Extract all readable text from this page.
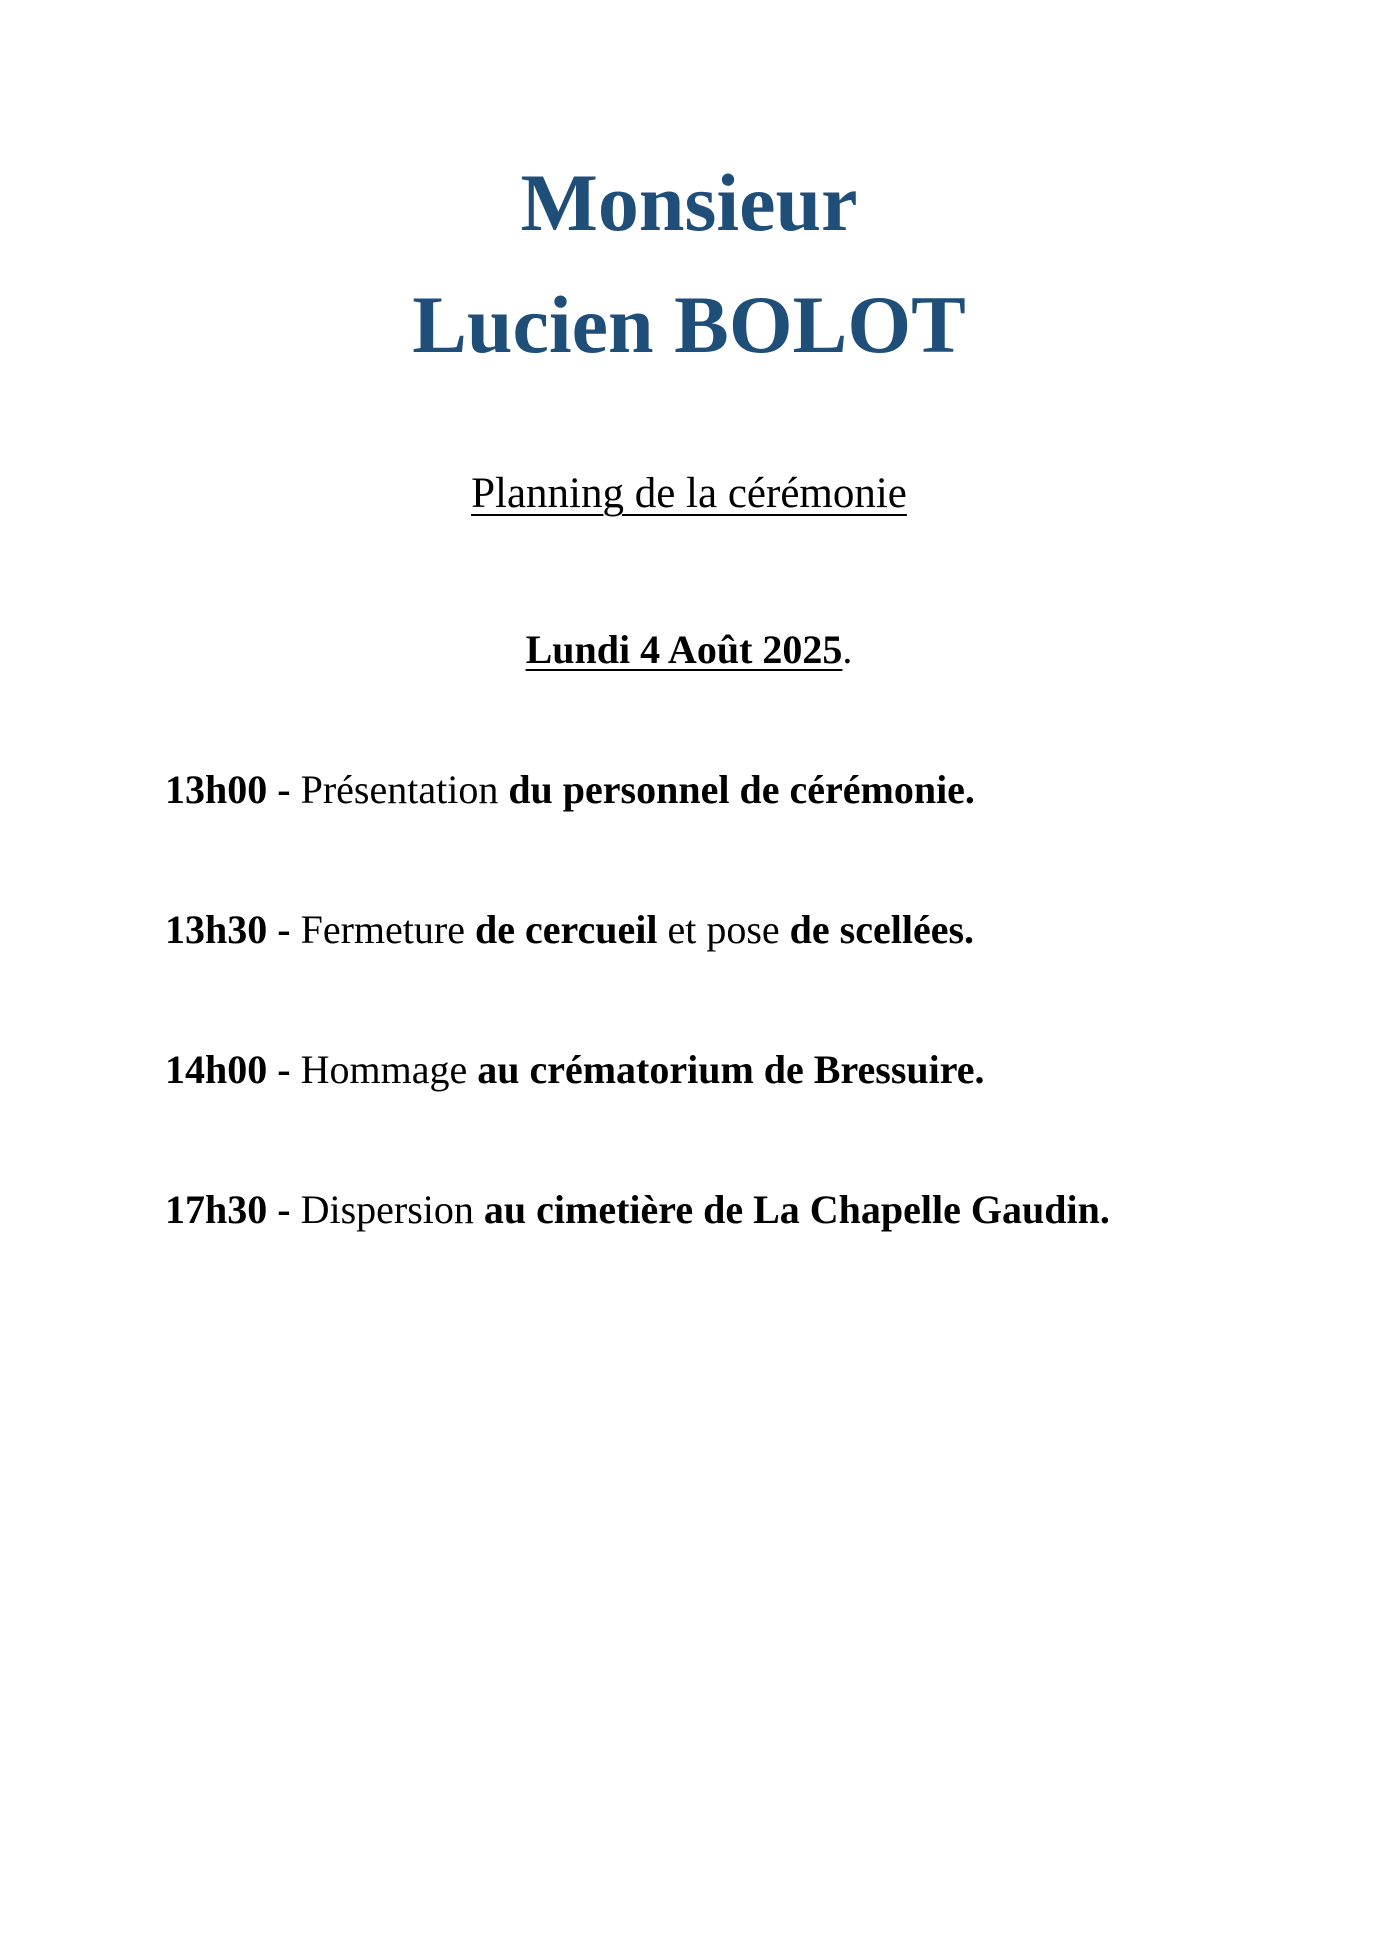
Monsieur
Lucien BOLOT
Planning de la cérémonie
Lundi 4 Août 2025.
13h00 - Présentation du personnel de cérémonie.
13h30 - Fermeture de cercueil et pose de scellées.
14h00 - Hommage au crématorium de Bressuire.
17h30 - Dispersion au cimetière de La Chapelle Gaudin.
